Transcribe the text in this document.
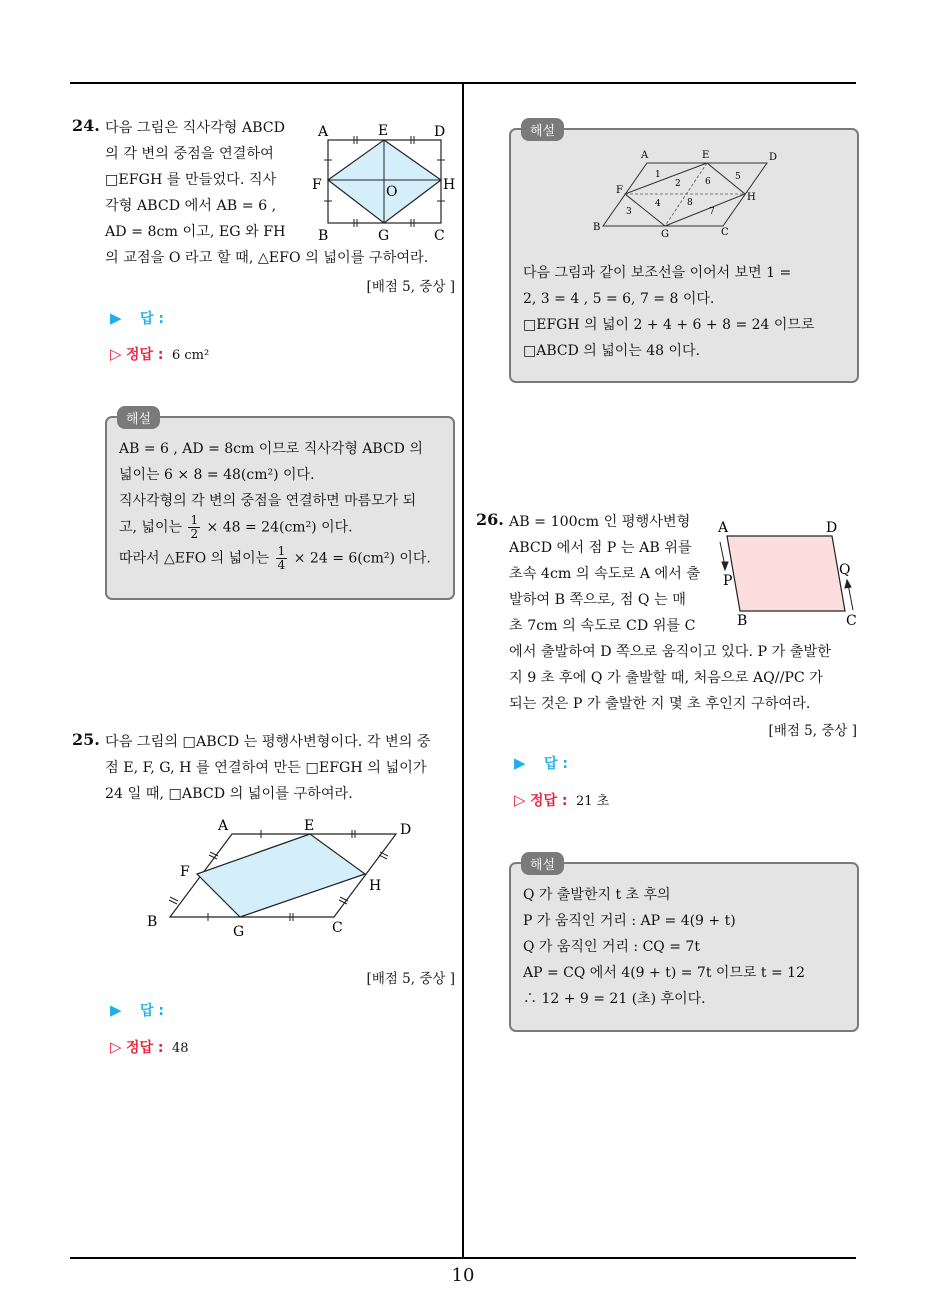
10
24. 다음 그림은 직사각형 ABCD
의 각 변의 중점을 연결하여
□EFGH 를 만들었다. 직사
각형 ABCD 에서 AB = 6 ,
AD = 8cm 이고, EG 와 FH
의 교점을 O 라고 할 때, △EFO 의 넓이를 구하여라.
A	E	D
F	O	H
B	G	C
[배점 5, 중상 ]
▶ 답 :
▷ 정답 : 6 cm²
해설
AB = 6 , AD = 8cm 이므로 직사각형 ABCD 의
넓이는 6 × 8 = 48(cm²) 이다.
직사각형의 각 변의 중점을 연결하면 마름모가 되
고, 넓이는 $\frac{1}{2} \times 48 = 24(cm^2)$ 이다.
따라서 △EFO 의 넓이는 $\frac{1}{4} \times 24 = 6(cm^2)$ 이다.
25. 다음 그림의 □ABCD 는 평행사변형이다. 각 변의 중
점 E, F, G, H 를 연결하여 만든 □EFGH 의 넓이가
24 일 때, □ABCD 의 넓이를 구하여라.
A	E	D
F
H
B
G	C
[배점 5, 중상 ]
▶ 답 :
▷ 정답 : 48
해설
A	E	D
F
H
B
G	C
1
2
3
4
5
6
7
8
다음 그림과 같이 보조선을 이어서 보면 1 =
2, 3 = 4 , 5 = 6, 7 = 8 이다.
□EFGH 의 넓이 2 + 4 + 6 + 8 = 24 이므로
□ABCD 의 넓이는 48 이다.
26. AB = 100cm 인 평행사변형
ABCD 에서 점 P 는 AB 위를
초속 4cm 의 속도로 A 에서 출
발하여 B 쪽으로, 점 Q 는 매
초 7cm 의 속도로 CD 위를 C
에서 출발하여 D 쪽으로 움직이고 있다. P 가 출발한
지 9 초 후에 Q 가 출발할 때, 처음으로 AQ//PC 가
되는 것은 P 가 출발한 지 몇 초 후인지 구하여라.
A	D
P
Q
B	C
[배점 5, 중상 ]
▶ 답 :
▷ 정답 : 21 초
해설
Q 가 출발한지 t 초 후의
P 가 움직인 거리 : AP = 4(9 + t)
Q 가 움직인 거리 : CQ = 7t
AP = CQ 에서 4(9 + t) = 7t 이므로 t = 12
∴ 12 + 9 = 21 (초) 후이다.
